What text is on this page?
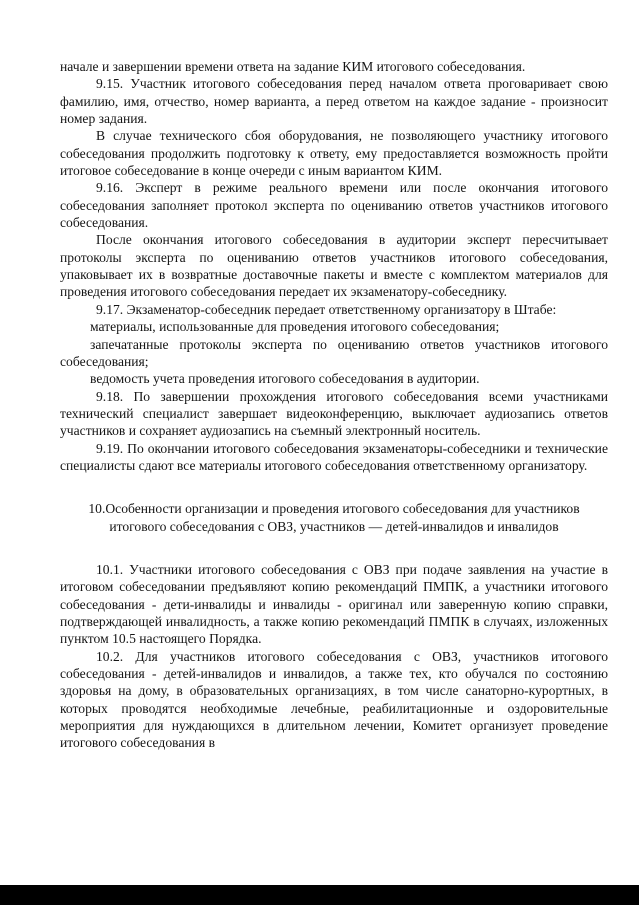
началe и завершении времени ответа на задание КИМ итогового собеседования.

9.15. Участник итогового собеседования перед началом ответа проговаривает свою фамилию, имя, отчество, номер варианта, а перед ответом на каждое задание - произносит номер задания.

В случае технического сбоя оборудования, не позволяющего участнику итогового собеседования продолжить подготовку к ответу, ему предоставляется возможность пройти итоговое собеседование в конце очереди с иным вариантом КИМ.

9.16. Эксперт в режиме реального времени или после окончания итогового собеседования заполняет протокол эксперта по оцениванию ответов участников итогового собеседования.

После окончания итогового собеседования в аудитории эксперт пересчитывает протоколы эксперта по оцениванию ответов участников итогового собеседования, упаковывает их в возвратные доставочные пакеты и вместе с комплектом материалов для проведения итогового собеседования передает их экзаменатору-собеседнику.

9.17. Экзаменатор-собеседник передает ответственному организатору в Штабе:

материалы, использованные для проведения итогового собеседования;

запечатанные протоколы эксперта по оцениванию ответов участников итогового собеседования;

ведомость учета проведения итогового собеседования в аудитории.

9.18. По завершении прохождения итогового собеседования всеми участниками технический специалист завершает видеоконференцию, выключает аудиозапись ответов участников и сохраняет аудиозапись на съемный электронный носитель.

9.19. По окончании итогового собеседования экзаменаторы-собеседники и технические специалисты сдают все материалы итогового собеседования ответственному организатору.

10.Особенности организации и проведения итогового собеседования для участников
итогового собеседования с ОВЗ, участников — детей-инвалидов и инвалидов

10.1. Участники итогового собеседования с ОВЗ при подаче заявления на участие в итоговом собеседовании предъявляют копию рекомендаций ПМПК, а участники итогового собеседования - дети-инвалиды и инвалиды - оригинал или заверенную копию справки, подтверждающей инвалидность, а также копию рекомендаций ПМПК в случаях, изложенных пунктом 10.5 настоящего Порядка.

10.2. Для участников итогового собеседования с ОВЗ, участников итогового собеседования - детей-инвалидов и инвалидов, а также тех, кто обучался по состоянию здоровья на дому, в образовательных организациях, в том числе санаторно-курортных, в которых проводятся необходимые лечебные, реабилитационные и оздоровительные мероприятия для нуждающихся в длительном лечении, Комитет организует проведение итогового собеседования в
